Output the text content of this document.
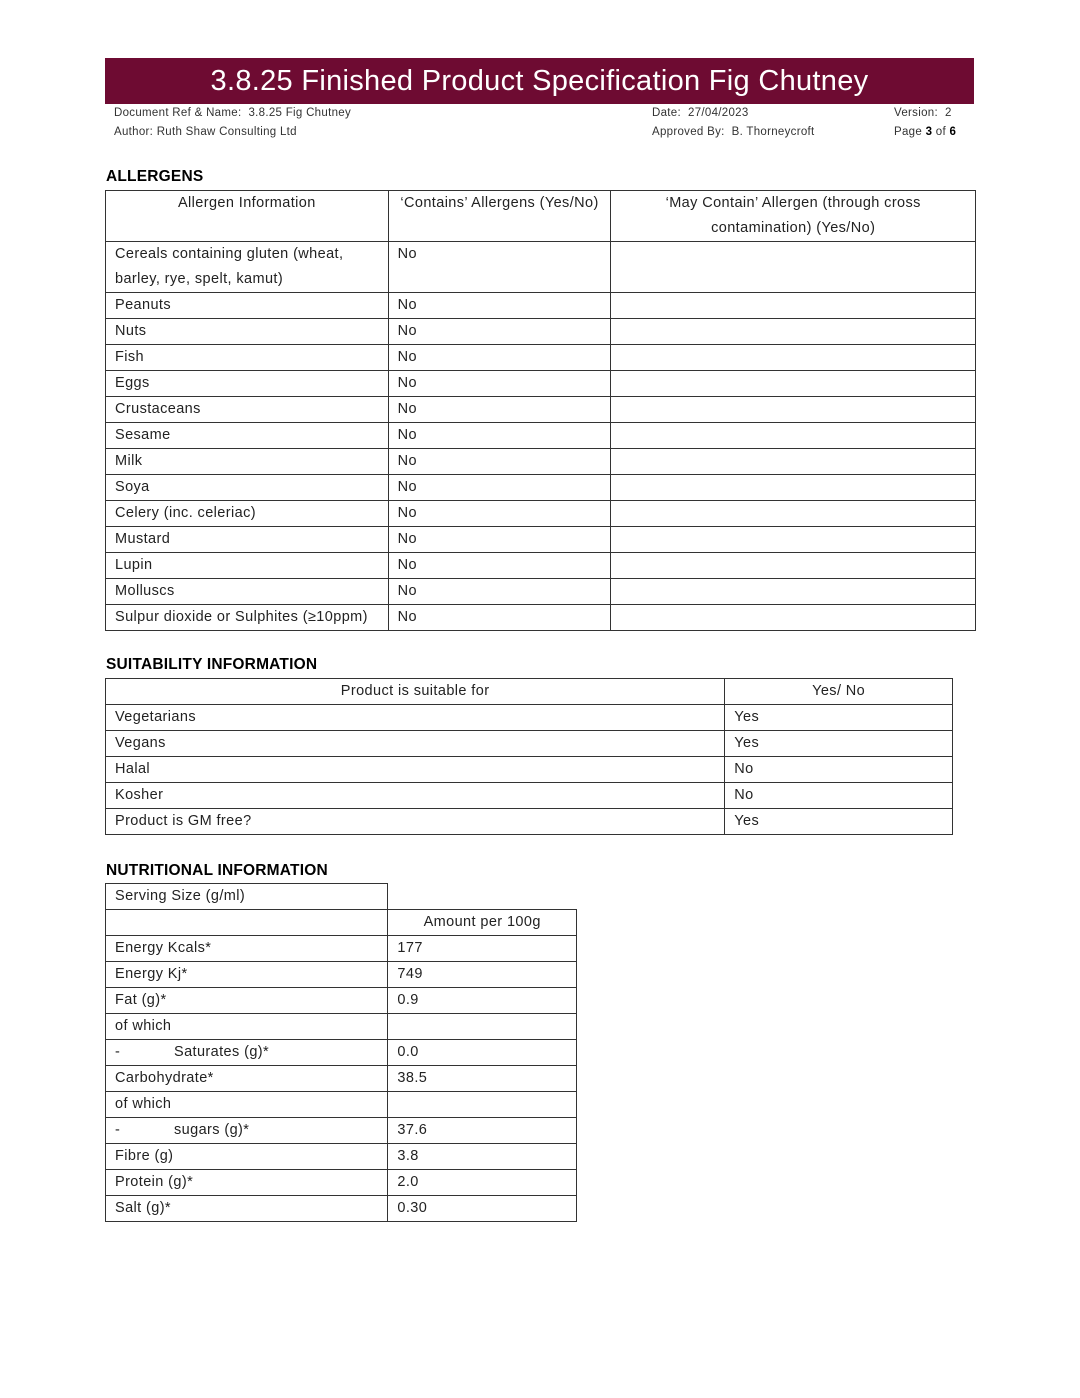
3.8.25 Finished Product Specification Fig Chutney
Document Ref & Name: 3.8.25 Fig Chutney
Author: Ruth Shaw Consulting Ltd
Date: 27/04/2023
Approved By: B. Thorneycroft
Version: 2
Page 3 of 6
ALLERGENS
Allergen Information	‘Contains’ Allergens (Yes/No)	‘May Contain’ Allergen (through cross contamination) (Yes/No)
Cereals containing gluten (wheat, barley, rye, spelt, kamut)	No	
Peanuts	No	
Nuts	No	
Fish	No	
Eggs	No	
Crustaceans	No	
Sesame	No	
Milk	No	
Soya	No	
Celery (inc. celeriac)	No	
Mustard	No	
Lupin	No	
Molluscs	No	
Sulpur dioxide or Sulphites (≥10ppm)	No	
SUITABILITY INFORMATION
Product is suitable for	Yes/ No
Vegetarians	Yes
Vegans	Yes
Halal	No
Kosher	No
Product is GM free?	Yes
NUTRITIONAL INFORMATION
Serving Size (g/ml)	
	Amount per 100g
Energy Kcals*	177
Energy Kj*	749
Fat (g)*	0.9
of which	
- Saturates (g)*	0.0
Carbohydrate*	38.5
of which	
- sugars (g)*	37.6
Fibre (g)	3.8
Protein (g)*	2.0
Salt (g)*	0.30
